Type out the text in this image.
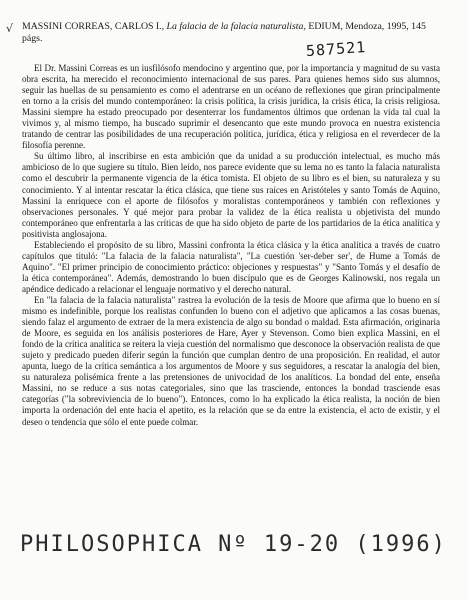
√ MASSINI CORREAS, CARLOS I., La falacia de la falacia naturalista, EDIUM, Mendoza, 1995, 145 págs.	587521

El Dr. Massini Correas es un iusfilósofo mendocino y argentino que, por la importancia y magnitud de su vasta obra escrita, ha merecido el reconocimiento internacional de sus pares. Para quienes hemos sido sus alumnos, seguir las huellas de su pensamiento es como el adentrarse en un océano de reflexiones que giran principalmente en torno a la crisis del mundo contemporáneo: la crisis política, la crisis jurídica, la crisis ética, la crisis religiosa. Massini siempre ha estado preocupado por desenterrar los fundamentos últimos que ordenan la vida tal cual la vivimos y, al mismo tiempo, ha buscado suprimir el desencanto que este mundo provoca en nuestra existencia tratando de centrar las posibilidades de una recuperación política, jurídica, ética y religiosa en el reverdecer de la filosofía perenne.

Su último libro, al inscribirse en esta ambición que da unidad a su producción intelectual, es mucho más ambicioso de lo que sugiere su título. Bien leído, nos parece evidente que su lema no es tanto la falacia naturalista como el descubrir la permanente vigencia de la ética tomista. El objeto de su libro es el bien, su naturaleza y su conocimiento. Y al intentar rescatar la ética clásica, que tiene sus raíces en Aristóteles y santo Tomás de Aquino, Massini la enriquece con el aporte de filósofos y moralistas contemporáneos y también con reflexiones y observaciones personales. Y qué mejor para probar la validez de la ética realista u objetivista del mundo contemporáneo que enfrentarla a las críticas de que ha sido objeto de parte de los partidarios de la ética analítica y positivista anglosajona.

Estableciendo el propósito de su libro, Massini confronta la ética clásica y la ética analítica a través de cuatro capítulos que tituló: "La falacia de la falacia naturalista", "La cuestión 'ser-deber ser', de Hume a Tomás de Aquino". "El primer principio de conocimiento práctico: objeciones y respuestas" y "Santo Tomás y el desafío de la ética contemporánea". Además, demostrando lo buen discípulo que es de Georges Kalinowski, nos regala un apéndice dedicado a relacionar el lenguaje normativo y el derecho natural.

En "la falacia de la falacia naturalista" rastrea la evolución de la tesis de Moore que afirma que lo bueno en sí mismo es indefinible, porque los realistas confunden lo bueno con el adjetivo que aplicamos a las cosas buenas, siendo falaz el argumento de extraer de la mera existencia de algo su bondad o maldad. Esta afirmación, originaria de Moore, es seguida en los análisis posteriores de Hare, Ayer y Stevenson. Como bien explica Massini, en el fondo de la crítica analítica se reitera la vieja cuestión del normalismo que desconoce la observación realista de que sujeto y predicado pueden diferir según la función que cumplan dentro de una proposición. En realidad, el autor apunta, luego de la crítica semántica a los argumentos de Moore y sus seguidores, a rescatar la analogía del bien, su naturaleza polisémica frente a las pretensiones de univocidad de los analíticos. La bondad del ente, enseña Massini, no se reduce a sus notas categoriales, sino que las trasciende, entonces la bondad trasciende esas categorías ("la sobreviviencia de lo bueno"). Entonces, como lo ha explicado la ética realista, la noción de bien importa la ordenación del ente hacia el apetito, es la relación que se da entre la existencia, el acto de existir, y el deseo o tendencia que sólo el ente puede colmar.

PHILOSOPHICA Nº 19-20 (1996)
